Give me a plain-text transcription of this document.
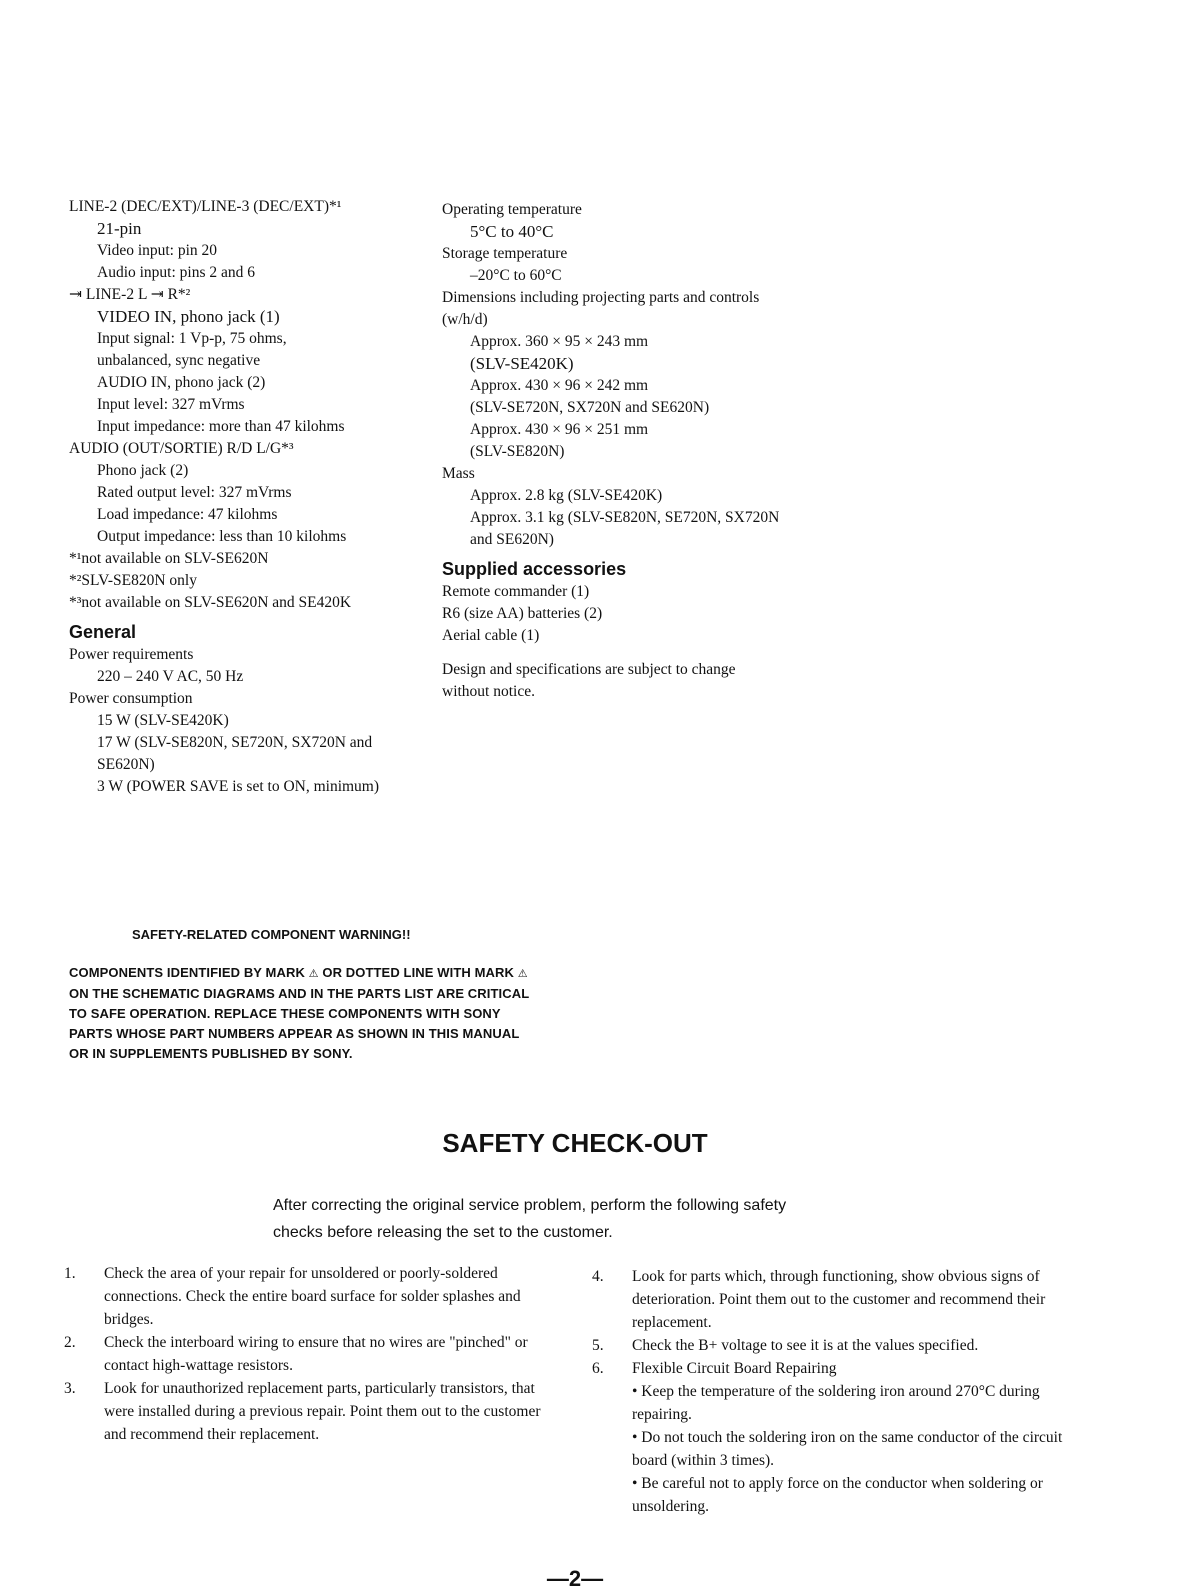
LINE-2 (DEC/EXT)/LINE-3 (DEC/EXT)*¹
21-pin
Video input: pin 20
Audio input: pins 2 and 6
⇥ LINE-2 L ⇥ R*²
VIDEO IN, phono jack (1)
Input signal: 1 Vp-p, 75 ohms,
unbalanced, sync negative
AUDIO IN, phono jack (2)
Input level: 327 mVrms
Input impedance: more than 47 kilohms
AUDIO (OUT/SORTIE) R/D L/G*³
Phono jack (2)
Rated output level: 327 mVrms
Load impedance: 47 kilohms
Output impedance: less than 10 kilohms
*¹not available on SLV-SE620N
*²SLV-SE820N only
*³not available on SLV-SE620N and SE420K
General
Power requirements
220 – 240 V AC, 50 Hz
Power consumption
15 W (SLV-SE420K)
17 W (SLV-SE820N, SE720N, SX720N and SE620N)
3 W (POWER SAVE is set to ON, minimum)
Operating temperature
5°C to 40°C
Storage temperature
–20°C to 60°C
Dimensions including projecting parts and controls (w/h/d)
Approx. 360 × 95 × 243 mm
(SLV-SE420K)
Approx. 430 × 96 × 242 mm
(SLV-SE720N, SX720N and SE620N)
Approx. 430 × 96 × 251 mm
(SLV-SE820N)
Mass
Approx. 2.8 kg (SLV-SE420K)
Approx. 3.1 kg (SLV-SE820N, SE720N, SX720N and SE620N)
Supplied accessories
Remote commander (1)
R6 (size AA) batteries (2)
Aerial cable (1)
Design and specifications are subject to change without notice.
SAFETY-RELATED COMPONENT WARNING!!
COMPONENTS IDENTIFIED BY MARK ⚠ OR DOTTED LINE WITH MARK ⚠ ON THE SCHEMATIC DIAGRAMS AND IN THE PARTS LIST ARE CRITICAL TO SAFE OPERATION. REPLACE THESE COMPONENTS WITH SONY PARTS WHOSE PART NUMBERS APPEAR AS SHOWN IN THIS MANUAL OR IN SUPPLEMENTS PUBLISHED BY SONY.
SAFETY CHECK-OUT
After correcting the original service problem, perform the following safety checks before releasing the set to the customer.
1.	Check the area of your repair for unsoldered or poorly-soldered connections. Check the entire board surface for solder splashes and bridges.
2.	Check the interboard wiring to ensure that no wires are "pinched" or contact high-wattage resistors.
3.	Look for unauthorized replacement parts, particularly transistors, that were installed during a previous repair. Point them out to the customer and recommend their replacement.
4.	Look for parts which, through functioning, show obvious signs of deterioration. Point them out to the customer and recommend their replacement.
5.	Check the B+ voltage to see it is at the values specified.
6.	Flexible Circuit Board Repairing
• Keep the temperature of the soldering iron around 270°C during repairing.
• Do not touch the soldering iron on the same conductor of the circuit board (within 3 times).
• Be careful not to apply force on the conductor when soldering or unsoldering.
—2—
